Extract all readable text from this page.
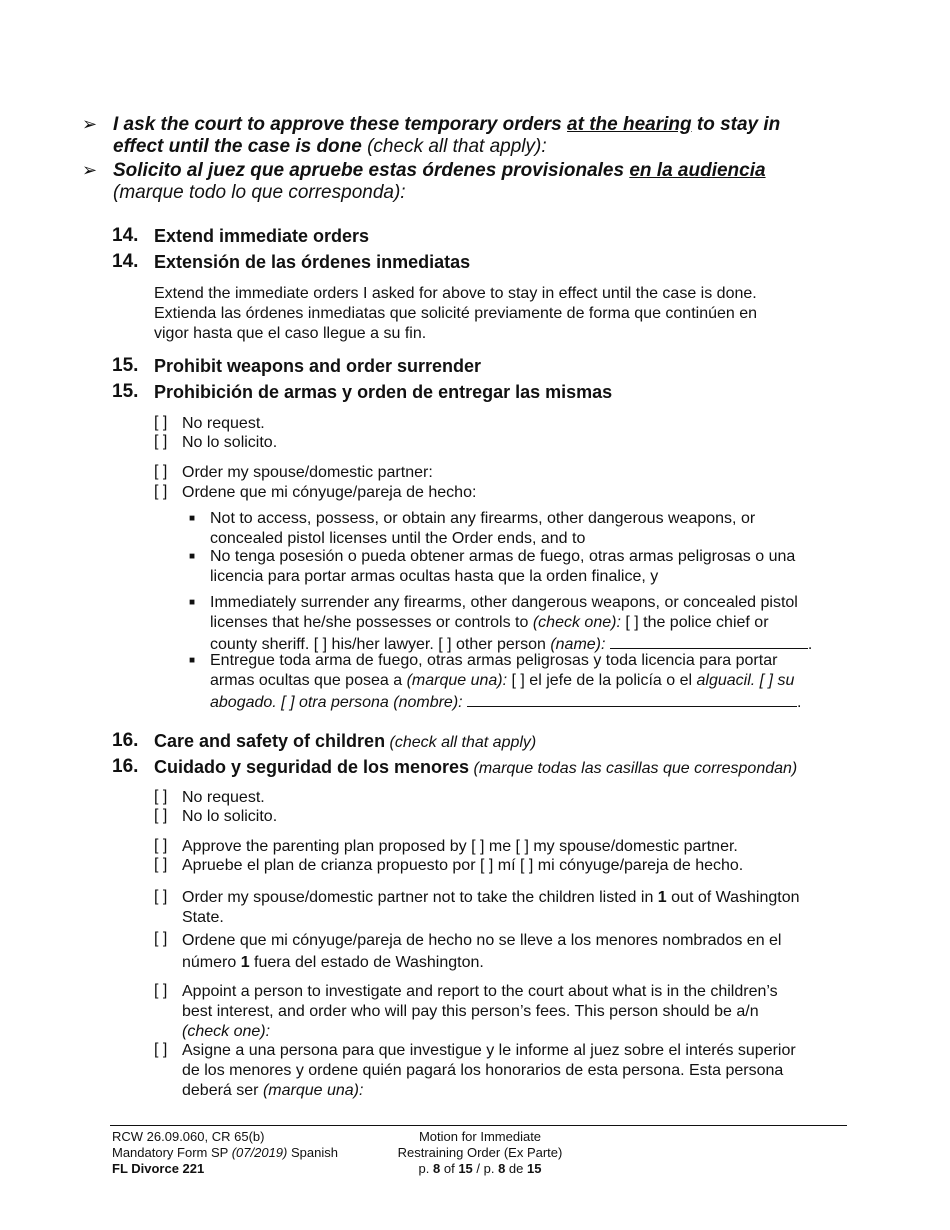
➢ I ask the court to approve these temporary orders at the hearing to stay in
effect until the case is done (check all that apply):
➢ Solicito al juez que apruebe estas órdenes provisionales en la audiencia
(marque todo lo que corresponda):
14. Extend immediate orders
14. Extensión de las órdenes inmediatas
Extend the immediate orders I asked for above to stay in effect until the case is done.
Extienda las órdenes inmediatas que solicité previamente de forma que continúen en
vigor hasta que el caso llegue a su fin.
15. Prohibit weapons and order surrender
15. Prohibición de armas y orden de entregar las mismas
[ ] No request.
[ ] No lo solicito.
[ ] Order my spouse/domestic partner:
[ ] Ordene que mi cónyuge/pareja de hecho:
■ Not to access, possess, or obtain any firearms, other dangerous weapons, or
concealed pistol licenses until the Order ends, and to
■ No tenga posesión o pueda obtener armas de fuego, otras armas peligrosas o una
licencia para portar armas ocultas hasta que la orden finalice, y
■ Immediately surrender any firearms, other dangerous weapons, or concealed pistol
licenses that he/she possesses or controls to (check one): [ ] the police chief or
county sheriff. [ ] his/her lawyer. [ ] other person (name):	.
■ Entregue toda arma de fuego, otras armas peligrosas y toda licencia para portar
armas ocultas que posea a (marque una): [ ] el jefe de la policía o el alguacil. [ ] su
abogado. [ ] otra persona (nombre):	.
16. Care and safety of children (check all that apply)
16. Cuidado y seguridad de los menores (marque todas las casillas que correspondan)
[ ] No request.
[ ] No lo solicito.
[ ] Approve the parenting plan proposed by [ ] me [ ] my spouse/domestic partner.
[ ] Apruebe el plan de crianza propuesto por [ ] mí [ ] mi cónyuge/pareja de hecho.
[ ] Order my spouse/domestic partner not to take the children listed in 1 out of Washington
State.
[ ] Ordene que mi cónyuge/pareja de hecho no se lleve a los menores nombrados en el
número 1 fuera del estado de Washington.
[ ] Appoint a person to investigate and report to the court about what is in the children’s
best interest, and order who will pay this person’s fees. This person should be a/n
(check one):
[ ] Asigne a una persona para que investigue y le informe al juez sobre el interés superior
de los menores y ordene quién pagará los honorarios de esta persona. Esta persona
deberá ser (marque una):
RCW 26.09.060, CR 65(b)
Mandatory Form SP (07/2019) Spanish
FL Divorce 221
Motion for Immediate
Restraining Order (Ex Parte)
p. 8 of 15 / p. 8 de 15
